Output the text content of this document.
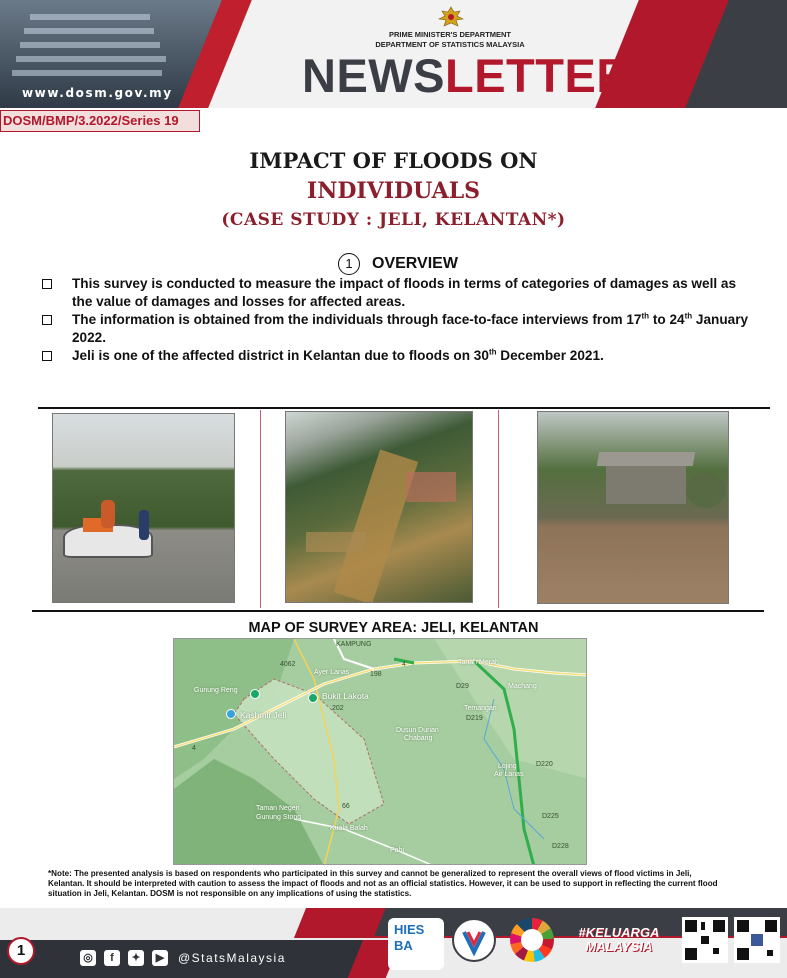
www.dosm.gov.my
PRIME MINISTER'S DEPARTMENT
DEPARTMENT OF STATISTICS MALAYSIA
NEWSLETTER
DOSM/BMP/3.2022/Series 19
IMPACT OF FLOODS ON
INDIVIDUALS
(CASE STUDY : JELI, KELANTAN*)
1	OVERVIEW
This survey is conducted to measure the impact of floods in terms of categories of damages as well as the value of damages and losses for affected areas.
The information is obtained from the individuals through face-to-face interviews from 17th to 24th January 2022.
Jeli is one of the affected district in Kelantan due to floods on 30th December 2021.
MAP OF SURVEY AREA: JELI, KELANTAN
KAMPUNG
Ayer Lanas
Tanah Merah
Machang
Gunung Reng
Bukit Lakota
Kashmir Jeli
Temangan
Dusun Durian
Chabang
Lojing
Air Lanas
Taman Negeri
Gunung Stong
Kuala Balah
Pahi
4062
198
4
4
202
D29
D219
D220
D225
D228
66
*Note: The presented analysis is based on respondents who participated in this survey and cannot be generalized to represent the overall views of flood victims in Jeli, Kelantan. It should be interpreted with caution to assess the impact of floods and not as an official statistics. However, it can be used to support in reflecting the current flood situation in Jeli, Kelantan. DOSM is not responsible on any implications of using the statistics.
1	◎	f	✦	▶	@StatsMalaysia
HIES
BA
#KELUARGA MALAYSIA
